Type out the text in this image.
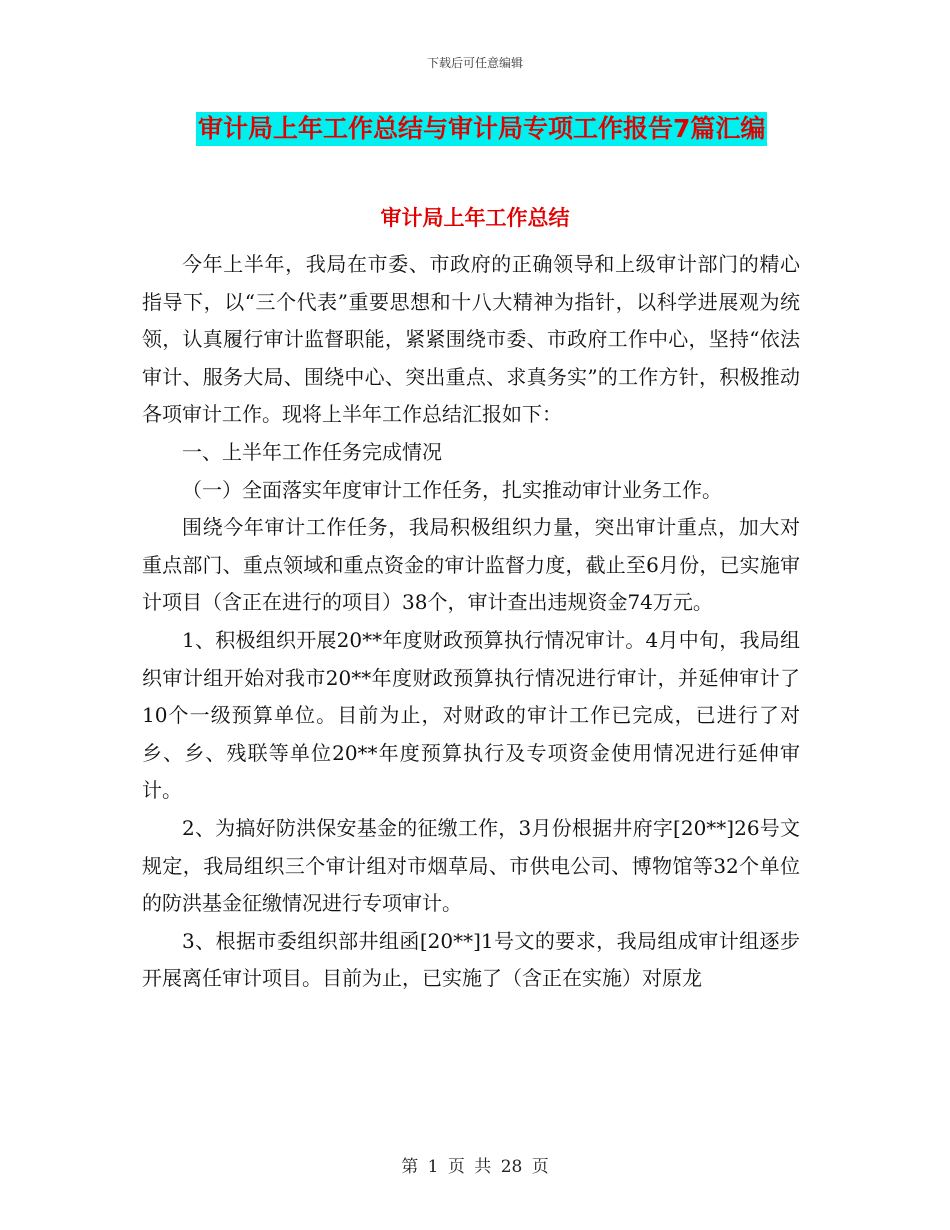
下载后可任意编辑
审计局上年工作总结与审计局专项工作报告7篇汇编
审计局上年工作总结

今年上半年，我局在市委、市政府的正确领导和上级审计部门的精心指导下，以“三个代表”重要思想和十八大精神为指针，以科学进展观为统领，认真履行审计监督职能，紧紧围绕市委、市政府工作中心，坚持“依法审计、服务大局、围绕中心、突出重点、求真务实”的工作方针，积极推动各项审计工作。现将上半年工作总结汇报如下：

一、上半年工作任务完成情况

（一）全面落实年度审计工作任务，扎实推动审计业务工作。

围绕今年审计工作任务，我局积极组织力量，突出审计重点，加大对重点部门、重点领域和重点资金的审计监督力度，截止至6月份，已实施审计项目（含正在进行的项目）38个，审计查出违规资金74万元。

1、积极组织开展20**年度财政预算执行情况审计。4月中旬，我局组织审计组开始对我市20**年度财政预算执行情况进行审计，并延伸审计了10个一级预算单位。目前为止，对财政的审计工作已完成，已进行了对乡、乡、残联等单位20**年度预算执行及专项资金使用情况进行延伸审计。

2、为搞好防洪保安基金的征缴工作，3月份根据井府字[20**]26号文规定，我局组织三个审计组对市烟草局、市供电公司、博物馆等32个单位的防洪基金征缴情况进行专项审计。

3、根据市委组织部井组函[20**]1号文的要求，我局组成审计组逐步开展离任审计项目。目前为止，已实施了（含正在实施）对原龙

第 1 页 共 28 页
